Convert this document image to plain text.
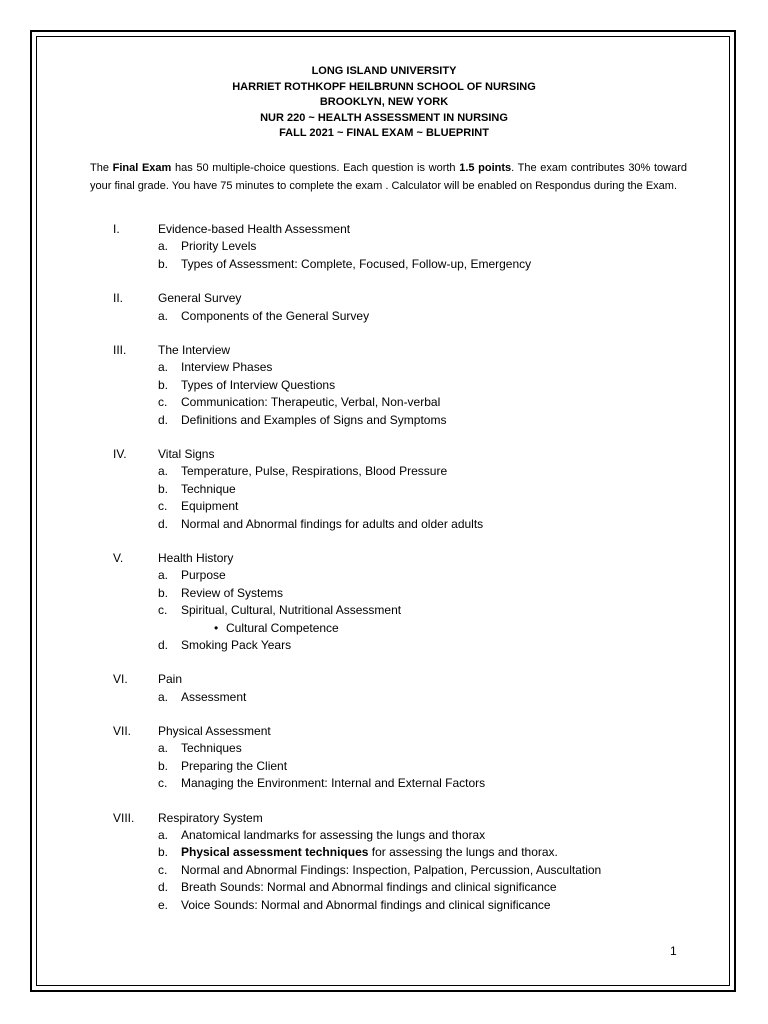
LONG ISLAND UNIVERSITY
HARRIET ROTHKOPF HEILBRUNN SCHOOL OF NURSING
BROOKLYN, NEW YORK
NUR 220 ~ HEALTH ASSESSMENT IN NURSING
FALL 2021 ~ FINAL EXAM ~ BLUEPRINT
The Final Exam has 50 multiple-choice questions. Each question is worth 1.5 points. The exam contributes 30% toward your final grade. You have 75 minutes to complete the exam . Calculator will be enabled on Respondus during the Exam.
I.	Evidence-based Health Assessment
a. Priority Levels
b. Types of Assessment: Complete, Focused, Follow-up, Emergency
II.	General Survey
a. Components of the General Survey
III.	The Interview
a. Interview Phases
b. Types of Interview Questions
c. Communication: Therapeutic, Verbal, Non-verbal
d. Definitions and Examples of Signs and Symptoms
IV.	Vital Signs
a. Temperature, Pulse, Respirations, Blood Pressure
b. Technique
c. Equipment
d. Normal and Abnormal findings for adults and older adults
V.	Health History
a. Purpose
b. Review of Systems
c. Spiritual, Cultural, Nutritional Assessment
• Cultural Competence
d. Smoking Pack Years
VI.	Pain
a. Assessment
VII. Physical Assessment
a. Techniques
b. Preparing the Client
c. Managing the Environment: Internal and External Factors
VIII. Respiratory System
a. Anatomical landmarks for assessing the lungs and thorax
b. Physical assessment techniques for assessing the lungs and thorax.
c. Normal and Abnormal Findings: Inspection, Palpation, Percussion, Auscultation
d. Breath Sounds: Normal and Abnormal findings and clinical significance
e. Voice Sounds: Normal and Abnormal findings and clinical significance
1
